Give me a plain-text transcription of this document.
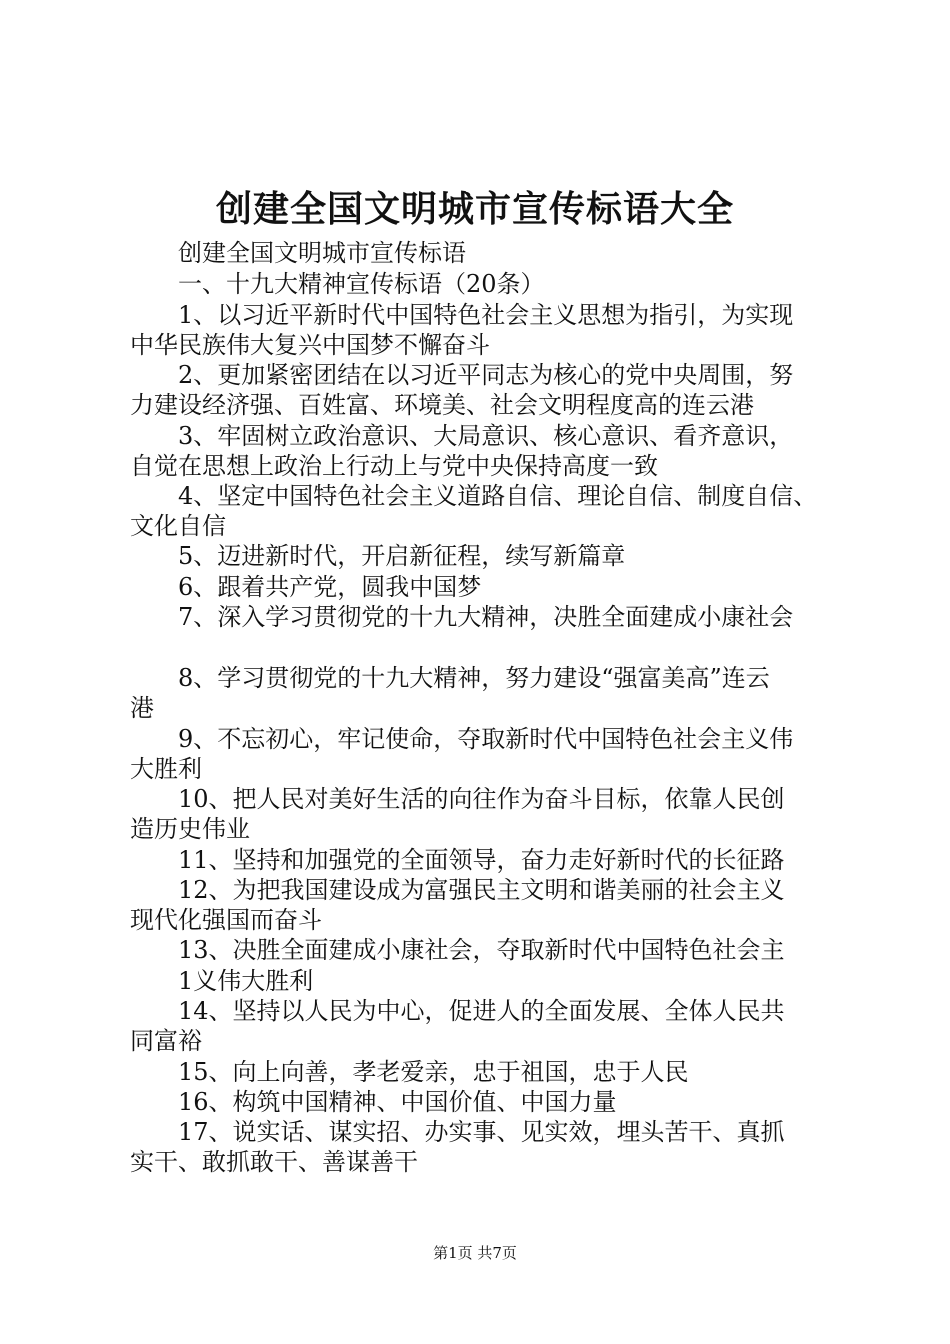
创建全国文明城市宣传标语大全
创建全国文明城市宣传标语
一、十九大精神宣传标语（20条）
1、以习近平新时代中国特色社会主义思想为指引，为实现
中华民族伟大复兴中国梦不懈奋斗
2、更加紧密团结在以习近平同志为核心的党中央周围，努
力建设经济强、百姓富、环境美、社会文明程度高的连云港
3、牢固树立政治意识、大局意识、核心意识、看齐意识，
自觉在思想上政治上行动上与党中央保持高度一致
4、坚定中国特色社会主义道路自信、理论自信、制度自信、
文化自信
5、迈进新时代，开启新征程，续写新篇章
6、跟着共产党，圆我中国梦
7、深入学习贯彻党的十九大精神，决胜全面建成小康社会
8、学习贯彻党的十九大精神，努力建设“强富美高”连云
港
9、不忘初心，牢记使命，夺取新时代中国特色社会主义伟
大胜利
10、把人民对美好生活的向往作为奋斗目标，依靠人民创
造历史伟业
11、坚持和加强党的全面领导，奋力走好新时代的长征路
12、为把我国建设成为富强民主文明和谐美丽的社会主义
现代化强国而奋斗
13、决胜全面建成小康社会，夺取新时代中国特色社会主
1义伟大胜利
14、坚持以人民为中心，促进人的全面发展、全体人民共
同富裕
15、向上向善，孝老爱亲，忠于祖国，忠于人民
16、构筑中国精神、中国价值、中国力量
17、说实话、谋实招、办实事、见实效，埋头苦干、真抓
实干、敢抓敢干、善谋善干
第1页 共7页
